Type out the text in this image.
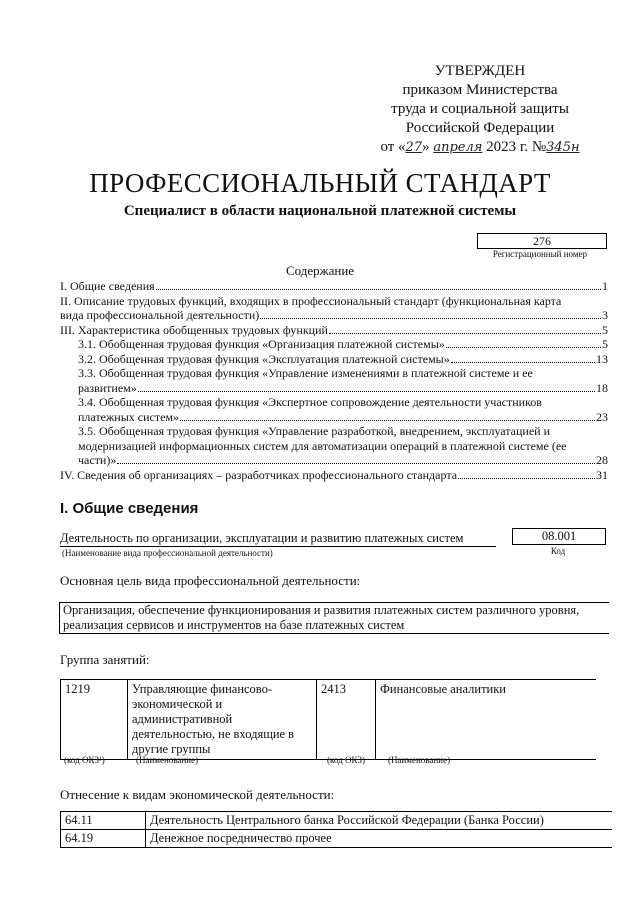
УТВЕРЖДЕН
приказом Министерства
труда и социальной защиты
Российской Федерации
от «27» апреля 2023 г. №345н
ПРОФЕССИОНАЛЬНЫЙ СТАНДАРТ
Специалист в области национальной платежной системы
276
Регистрационный номер
Содержание
I. Общие сведения	1
II. Описание трудовых функций, входящих в профессиональный стандарт (функциональная карта
вида профессиональной деятельности)	3
III. Характеристика обобщенных трудовых функций	5
3.1. Обобщенная трудовая функция «Организация платежной системы»	5
3.2. Обобщенная трудовая функция «Эксплуатация платежной системы»	13
3.3. Обобщенная трудовая функция «Управление изменениями в платежной системе и ее
развитием»	18
3.4. Обобщенная трудовая функция «Экспертное сопровождение деятельности участников
платежных систем»	23
3.5. Обобщенная трудовая функция «Управление разработкой, внедрением, эксплуатацией и
модернизацией информационных систем для автоматизации операций в платежной системе (ее
части)»	28
IV. Сведения об организациях – разработчиках профессионального стандарта	31
I. Общие сведения
Деятельность по организации, эксплуатации и развитию платежных систем
(Наименование вида профессиональной деятельности)
08.001
Код
Основная цель вида профессиональной деятельности:
Организация, обеспечение функционирования и развития платежных систем различного уровня,
реализация сервисов и инструментов на базе платежных систем
Группа занятий:
1219	Управляющие финансово-экономической и административной деятельностью, не входящие в другие группы	2413	Финансовые аналитики
(код ОКЗ¹)	(Наименование)	(код ОКЗ)	(Наименование)
Отнесение к видам экономической деятельности:
64.11	Деятельность Центрального банка Российской Федерации (Банка России)
64.19	Денежное посредничество прочее
